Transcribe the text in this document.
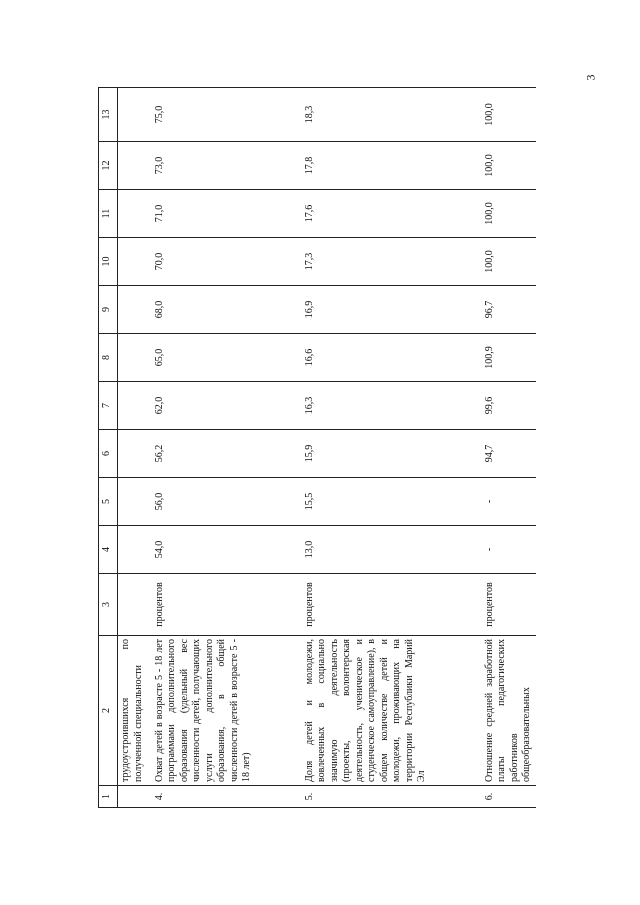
3
1	2	3	4	5	6	7	8	9	10	11	12	13
	трудоустроившихся по полученной специальности											
4.	Охват детей в возрасте 5 - 18 лет программами дополнительного образования (удельный вес численности детей, получающих услуги дополнительного образования, в общей численности детей в возрасте 5 - 18 лет)	процентов	54,0	56,0	56,2	62,0	65,0	68,0	70,0	71,0	73,0	75,0
5.	Доля детей и молодежи, вовлеченных в социально значимую деятельность (проекты, волонтерская деятельность, ученическое и студенческое самоуправление), в общем количестве детей и молодежи, проживающих на территории Республики Марий Эл	процентов	13,0	15,5	15,9	16,3	16,6	16,9	17,3	17,6	17,8	18,3
6.	Отношение средней заработной платы педагогических работников общеобразовательных	процентов	-	-	94,7	99,6	100,9	96,7	100,0	100,0	100,0	100,0
